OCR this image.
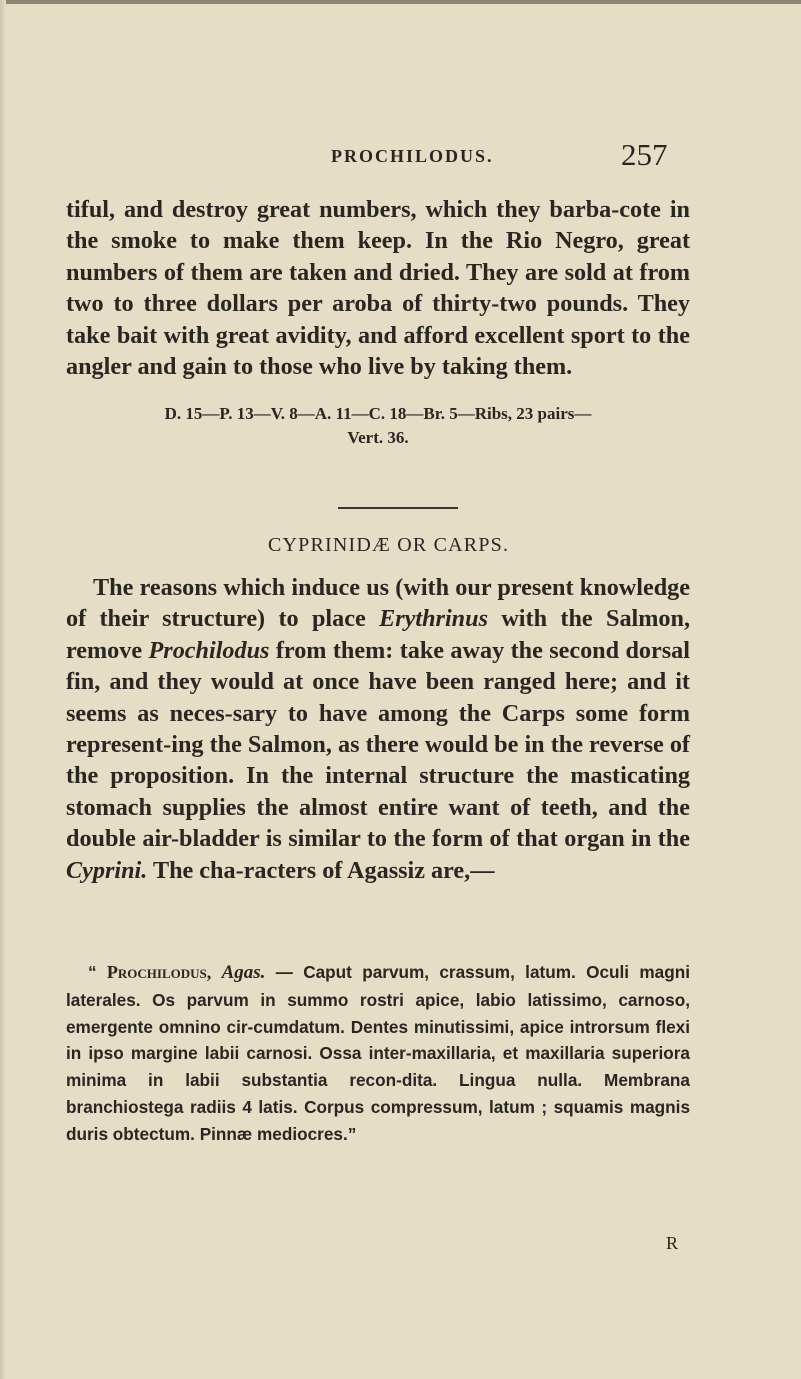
PROCHILODUS.	257

tiful, and destroy great numbers, which they barba-cote in the smoke to make them keep. In the Rio Negro, great numbers of them are taken and dried. They are sold at from two to three dollars per aroba of thirty-two pounds. They take bait with great avidity, and afford excellent sport to the angler and gain to those who live by taking them.

D. 15—P. 13—V. 8—A. 11—C. 18—Br. 5—Ribs, 23 pairs—
Vert. 36.
CYPRINIDÆ OR CARPS.

The reasons which induce us (with our present knowledge of their structure) to place Erythrinus with the Salmon, remove Prochilodus from them: take away the second dorsal fin, and they would at once have been ranged here; and it seems as neces-sary to have among the Carps some form represent-ing the Salmon, as there would be in the reverse of the proposition. In the internal structure the masticating stomach supplies the almost entire want of teeth, and the double air-bladder is similar to the form of that organ in the Cyprini. The cha-racters of Agassiz are,—

“ Prochilodus, Agas. — Caput parvum, crassum, latum. Oculi magni laterales. Os parvum in summo rostri apice, labio latissimo, carnoso, emergente omnino cir-cumdatum. Dentes minutissimi, apice introrsum flexi in ipso margine labii carnosi. Ossa inter-maxillaria, et maxillaria superiora minima in labii substantia recon-dita. Lingua nulla. Membrana branchiostega radiis 4 latis. Corpus compressum, latum ; squamis magnis duris obtectum. Pinnæ mediocres.”

R
